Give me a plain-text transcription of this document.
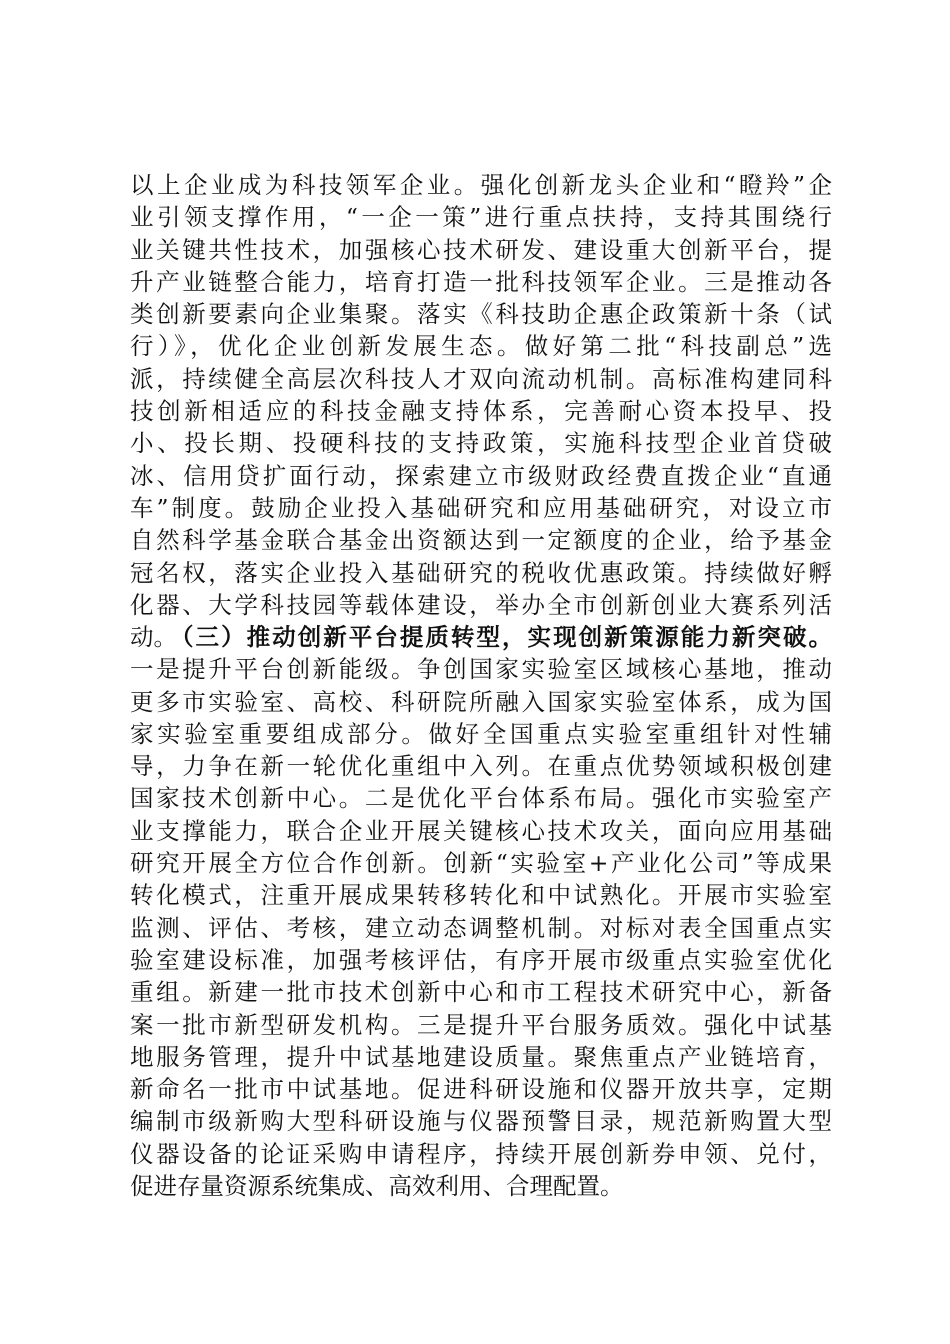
以上企业成为科技领军企业。强化创新龙头企业和“瞪羚”企
业引领支撑作用，“一企一策”进行重点扶持，支持其围绕行
业关键共性技术，加强核心技术研发、建设重大创新平台，提
升产业链整合能力，培育打造一批科技领军企业。三是推动各
类创新要素向企业集聚。落实《科技助企惠企政策新十条（试
行）》，优化企业创新发展生态。做好第二批“科技副总”选
派，持续健全高层次科技人才双向流动机制。高标准构建同科
技创新相适应的科技金融支持体系，完善耐心资本投早、投
小、投长期、投硬科技的支持政策，实施科技型企业首贷破
冰、信用贷扩面行动，探索建立市级财政经费直拨企业“直通
车”制度。鼓励企业投入基础研究和应用基础研究，对设立市
自然科学基金联合基金出资额达到一定额度的企业，给予基金
冠名权，落实企业投入基础研究的税收优惠政策。持续做好孵
化器、大学科技园等载体建设，举办全市创新创业大赛系列活
动。
（三）推动创新平台提质转型，实现创新策源能力新突破。
一是提升平台创新能级。争创国家实验室区域核心基地，推动
更多市实验室、高校、科研院所融入国家实验室体系，成为国
家实验室重要组成部分。做好全国重点实验室重组针对性辅
导，力争在新一轮优化重组中入列。在重点优势领域积极创建
国家技术创新中心。二是优化平台体系布局。强化市实验室产
业支撑能力，联合企业开展关键核心技术攻关，面向应用基础
研究开展全方位合作创新。创新“实验室+产业化公司”等成果
转化模式，注重开展成果转移转化和中试熟化。开展市实验室
监测、评估、考核，建立动态调整机制。对标对表全国重点实
验室建设标准，加强考核评估，有序开展市级重点实验室优化
重组。新建一批市技术创新中心和市工程技术研究中心，新备
案一批市新型研发机构。三是提升平台服务质效。强化中试基
地服务管理，提升中试基地建设质量。聚焦重点产业链培育，
新命名一批市中试基地。促进科研设施和仪器开放共享，定期
编制市级新购大型科研设施与仪器预警目录，规范新购置大型
仪器设备的论证采购申请程序，持续开展创新券申领、兑付，
促进存量资源系统集成、高效利用、合理配置。
